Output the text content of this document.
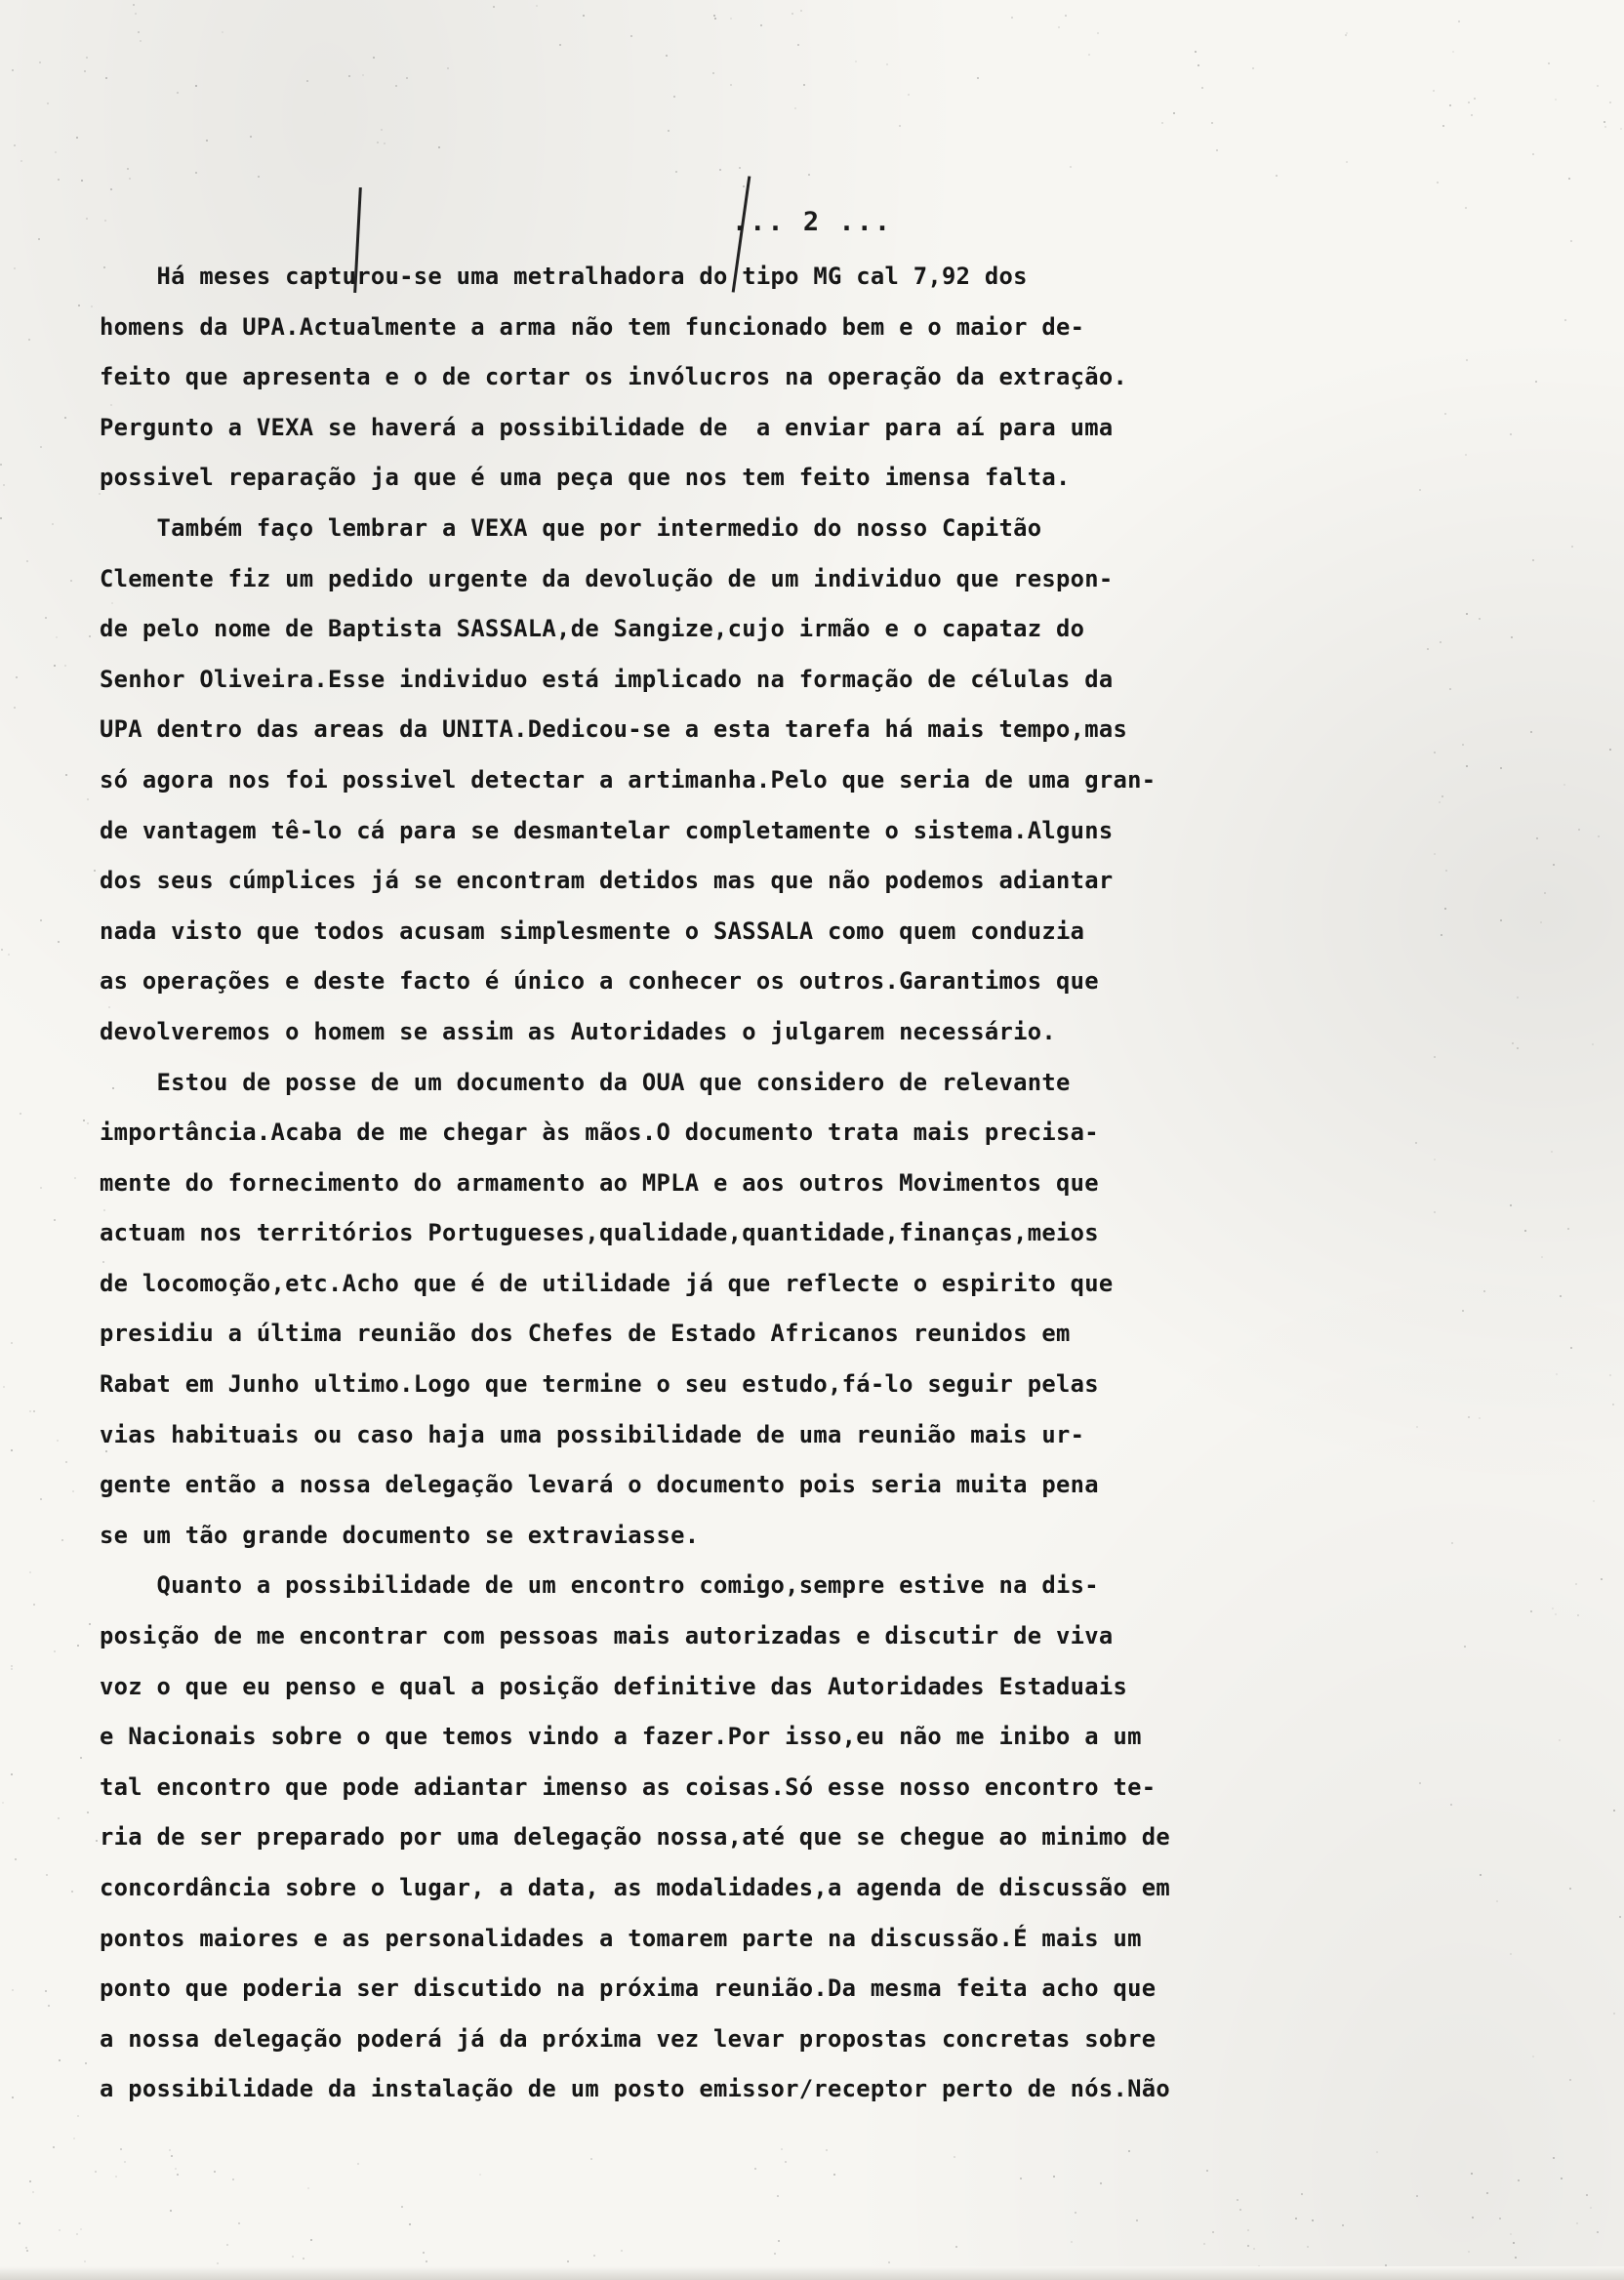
... 2 ...
Há meses capturou-se uma metralhadora do tipo MG cal 7,92 dos
homens da UPA.Actualmente a arma não tem funcionado bem e o maior de-
feito que apresenta e o de cortar os invólucros na operação da extração.
Pergunto a VEXA se haverá a possibilidade de  a enviar para aí para uma
possivel reparação ja que é uma peça que nos tem feito imensa falta.
Também faço lembrar a VEXA que por intermedio do nosso Capitão
Clemente fiz um pedido urgente da devolução de um individuo que respon-
de pelo nome de Baptista SASSALA,de Sangize,cujo irmão e o capataz do
Senhor Oliveira.Esse individuo está implicado na formação de células da
UPA dentro das areas da UNITA.Dedicou-se a esta tarefa há mais tempo,mas
só agora nos foi possivel detectar a artimanha.Pelo que seria de uma gran-
de vantagem tê-lo cá para se desmantelar completamente o sistema.Alguns
dos seus cúmplices já se encontram detidos mas que não podemos adiantar
nada visto que todos acusam simplesmente o SASSALA como quem conduzia
as operações e deste facto é único a conhecer os outros.Garantimos que
devolveremos o homem se assim as Autoridades o julgarem necessário.
Estou de posse de um documento da OUA que considero de relevante
importância.Acaba de me chegar às mãos.O documento trata mais precisa-
mente do fornecimento do armamento ao MPLA e aos outros Movimentos que
actuam nos territórios Portugueses,qualidade,quantidade,finanças,meios
de locomoção,etc.Acho que é de utilidade já que reflecte o espirito que
presidiu a última reunião dos Chefes de Estado Africanos reunidos em
Rabat em Junho ultimo.Logo que termine o seu estudo,fá-lo seguir pelas
vias habituais ou caso haja uma possibilidade de uma reunião mais ur-
gente então a nossa delegação levará o documento pois seria muita pena
se um tão grande documento se extraviasse.
Quanto a possibilidade de um encontro comigo,sempre estive na dis-
posição de me encontrar com pessoas mais autorizadas e discutir de viva
voz o que eu penso e qual a posição definitive das Autoridades Estaduais
e Nacionais sobre o que temos vindo a fazer.Por isso,eu não me inibo a um
tal encontro que pode adiantar imenso as coisas.Só esse nosso encontro te-
ria de ser preparado por uma delegação nossa,até que se chegue ao minimo de
concordância sobre o lugar, a data, as modalidades,a agenda de discussão em
pontos maiores e as personalidades a tomarem parte na discussão.É mais um
ponto que poderia ser discutido na próxima reunião.Da mesma feita acho que
a nossa delegação poderá já da próxima vez levar propostas concretas sobre
a possibilidade da instalação de um posto emissor/receptor perto de nós.Não
